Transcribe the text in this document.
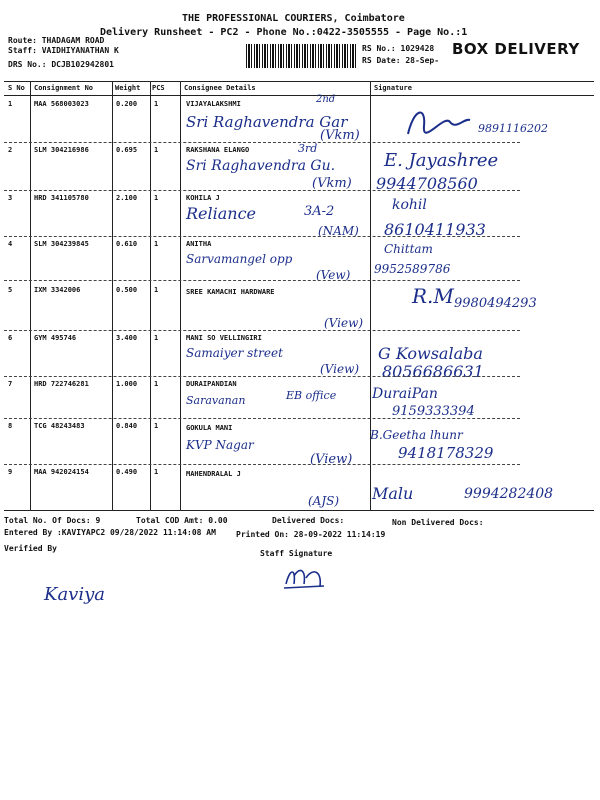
THE PROFESSIONAL COURIERS, Coimbatore
Delivery Runsheet - PC2 - Phone No.:0422-3505555 - Page No.:1
Route: THADAGAM ROAD
Staff: VAIDHIYANATHAN K
DRS No.: DCJB102942801
RS No.: 1029428
RS Date: 28-Sep-
BOX DELIVERY
S No Consignment No	Weight PCS	Consignee Details	Signature
1	MAA 568003023	0.200 1	VIJAYALAKSHMI	2nd
Sri Raghavendra Gar
(Vkm)	9891116202
2	SLM 304216986	0.695 1	RAKSHANA ELANGO	3rd
Sri Raghavendra Gu.
(Vkm)
E. Jayashree
9944708560
3	HRD 341105780	2.100 1	KOHILA J
Reliance	3A-2
(NAM)
kohil
8610411933
4	SLM 304239845	0.610 1	ANITHA
Sarvamangel opp
(Vew)
Chittam
9952589786
5	IXM 3342006	0.500 1	SREE KAMACHI HARDWARE
(View)
R.M 9980494293
6	GYM 495746	3.400 1	MANI SO VELLINGIRI
Samaiyer street
(View)
G Kowsalaba
8056686631
7	HRD 722746281	1.000 1	DURAIPANDIAN
Saravanan	EB office	DuraiPan
9159333394
8	TCG 48243483	0.840 1	GOKULA MANI
KVP Nagar
(View)
B.Geetha lhunr
9418178329
9	MAA 942024154	0.490 1	MAHENDRALAL J
(AJS) Malu	9994282408
Total No. Of Docs: 9	Total COD Amt: 0.00	Delivered Docs:	Non Delivered Docs:
Entered By :KAVIYAPC2 09/28/2022 11:14:08 AM	Printed On: 28-09-2022 11:14:19
Verified By
Staff Signature
Kaviya
